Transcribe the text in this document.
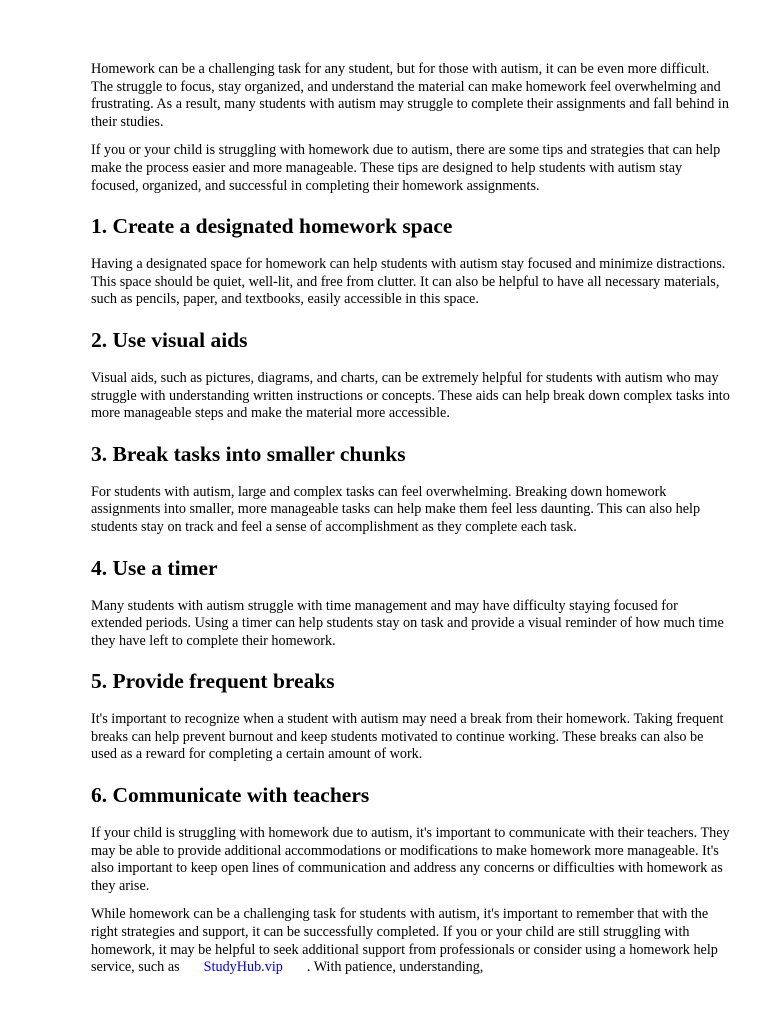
Homework can be a challenging task for any student, but for those with autism, it can be even more difficult. The struggle to focus, stay organized, and understand the material can make homework feel overwhelming and frustrating. As a result, many students with autism may struggle to complete their assignments and fall behind in their studies.

If you or your child is struggling with homework due to autism, there are some tips and strategies that can help make the process easier and more manageable. These tips are designed to help students with autism stay focused, organized, and successful in completing their homework assignments.

1. Create a designated homework space

Having a designated space for homework can help students with autism stay focused and minimize distractions. This space should be quiet, well-lit, and free from clutter. It can also be helpful to have all necessary materials, such as pencils, paper, and textbooks, easily accessible in this space.

2. Use visual aids

Visual aids, such as pictures, diagrams, and charts, can be extremely helpful for students with autism who may struggle with understanding written instructions or concepts. These aids can help break down complex tasks into more manageable steps and make the material more accessible.

3. Break tasks into smaller chunks

For students with autism, large and complex tasks can feel overwhelming. Breaking down homework assignments into smaller, more manageable tasks can help make them feel less daunting. This can also help students stay on track and feel a sense of accomplishment as they complete each task.

4. Use a timer

Many students with autism struggle with time management and may have difficulty staying focused for extended periods. Using a timer can help students stay on task and provide a visual reminder of how much time they have left to complete their homework.

5. Provide frequent breaks

It's important to recognize when a student with autism may need a break from their homework. Taking frequent breaks can help prevent burnout and keep students motivated to continue working. These breaks can also be used as a reward for completing a certain amount of work.

6. Communicate with teachers

If your child is struggling with homework due to autism, it's important to communicate with their teachers. They may be able to provide additional accommodations or modifications to make homework more manageable. It's also important to keep open lines of communication and address any concerns or difficulties with homework as they arise.

While homework can be a challenging task for students with autism, it's important to remember that with the right strategies and support, it can be successfully completed. If you or your child are still struggling with homework, it may be helpful to seek additional support from professionals or consider using a homework help service, such as StudyHub.vip . With patience, understanding,
